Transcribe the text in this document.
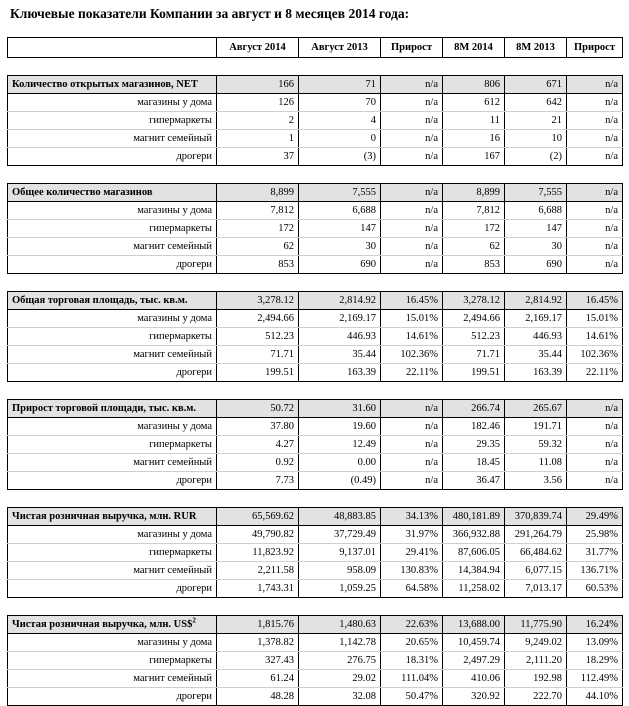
Ключевые показатели Компании за август и 8 месяцев 2014 года:
	Август 2014	Август 2013	Прирост	8M 2014	8M 2013	Прирост

Количество открытых магазинов, NET	166	71	n/a	806	671	n/a
магазины у дома	126	70	n/a	612	642	n/a
гипермаркеты	2	4	n/a	11	21	n/a
магнит семейный	1	0	n/a	16	10	n/a
дрогери	37	(3)	n/a	167	(2)	n/a

Общее количество магазинов	8,899	7,555	n/a	8,899	7,555	n/a
магазины у дома	7,812	6,688	n/a	7,812	6,688	n/a
гипермаркеты	172	147	n/a	172	147	n/a
магнит семейный	62	30	n/a	62	30	n/a
дрогери	853	690	n/a	853	690	n/a

Общая торговая площадь, тыс. кв.м.	3,278.12	2,814.92	16.45%	3,278.12	2,814.92	16.45%
магазины у дома	2,494.66	2,169.17	15.01%	2,494.66	2,169.17	15.01%
гипермаркеты	512.23	446.93	14.61%	512.23	446.93	14.61%
магнит семейный	71.71	35.44	102.36%	71.71	35.44	102.36%
дрогери	199.51	163.39	22.11%	199.51	163.39	22.11%

Прирост торговой площади, тыс. кв.м.	50.72	31.60	n/a	266.74	265.67	n/a
магазины у дома	37.80	19.60	n/a	182.46	191.71	n/a
гипермаркеты	4.27	12.49	n/a	29.35	59.32	n/a
магнит семейный	0.92	0.00	n/a	18.45	11.08	n/a
дрогери	7.73	(0.49)	n/a	36.47	3.56	n/a

Чистая розничная выручка, млн. RUR	65,569.62	48,883.85	34.13%	480,181.89	370,839.74	29.49%
магазины у дома	49,790.82	37,729.49	31.97%	366,932.88	291,264.79	25.98%
гипермаркеты	11,823.92	9,137.01	29.41%	87,606.05	66,484.62	31.77%
магнит семейный	2,211.58	958.09	130.83%	14,384.94	6,077.15	136.71%
дрогери	1,743.31	1,059.25	64.58%	11,258.02	7,013.17	60.53%

Чистая розничная выручка, млн. US\$$^2$	1,815.76	1,480.63	22.63%	13,688.00	11,775.90	16.24%
магазины у дома	1,378.82	1,142.78	20.65%	10,459.74	9,249.02	13.09%
гипермаркеты	327.43	276.75	18.31%	2,497.29	2,111.20	18.29%
магнит семейный	61.24	29.02	111.04%	410.06	192.98	112.49%
дрогери	48.28	32.08	50.47%	320.92	222.70	44.10%
